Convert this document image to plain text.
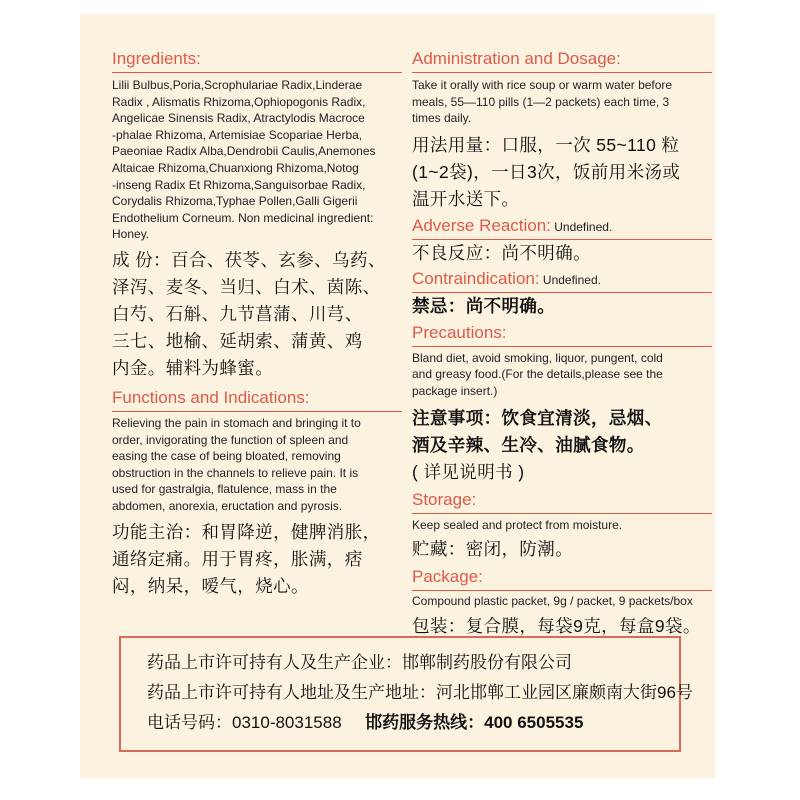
Ingredients:

Lilii Bulbus,Poria,Scrophulariae Radix,Linderae

Radix , Alismatis Rhizoma,Ophiopogonis Radix,

Angelicae Sinensis Radix, Atractylodis Macroce

-phalae Rhizoma, Artemisiae Scopariae Herba,

Paeoniae Radix Alba,Dendrobii Caulis,Anemones

Altaicae Rhizoma,Chuanxiong Rhizoma,Notog

-inseng Radix Et Rhizoma,Sanguisorbae Radix,

Corydalis Rhizoma,Typhae Pollen,Galli Gigerii

Endothelium Corneum. Non medicinal ingredient:

Honey.

成 份：百合、茯苓、玄参、乌药、

泽泻、麦冬、当归、白术、茵陈、

白芍、石斛、九节菖蒲、川芎、

三七、地榆、延胡索、蒲黄、鸡

内金。辅料为蜂蜜。

Functions and Indications:

Relieving the pain in stomach and bringing it to

order, invigorating the function of spleen and

easing the case of being bloated, removing

obstruction in the channels to relieve pain. It is

used for gastralgia, flatulence, mass in the

abdomen, anorexia, eructation and pyrosis.

功能主治：和胃降逆，健脾消胀，

通络定痛。用于胃疼，胀满，痞

闷，纳呆，嗳气，烧心。

Administration and Dosage:

Take it orally with rice soup or warm water before

meals, 55—110 pills (1—2 packets) each time, 3

times daily.

用法用量：口服，一次 55~110 粒

(1~2袋)，一日3次，饭前用米汤或

温开水送下。

Adverse Reaction: Undefined.

不良反应：尚不明确。

Contraindication: Undefined.

禁忌：尚不明确。

Precautions:

Bland diet, avoid smoking, liquor, pungent, cold

and greasy food.(For the details,please see the

package insert.)

注意事项：饮食宜清淡，忌烟、

酒及辛辣、生冷、油腻食物。

( 详见说明书 )

Storage:

Keep sealed and protect from moisture.

贮藏：密闭，防潮。

Package:

Compound plastic packet, 9g / packet, 9 packets/box

包装：复合膜，每袋9克，每盒9袋。

药品上市许可持有人及生产企业：邯郸制药股份有限公司

药品上市许可持有人地址及生产地址：河北邯郸工业园区廉颇南大街96号

电话号码：0310-8031588 邯药服务热线：400 6505535
